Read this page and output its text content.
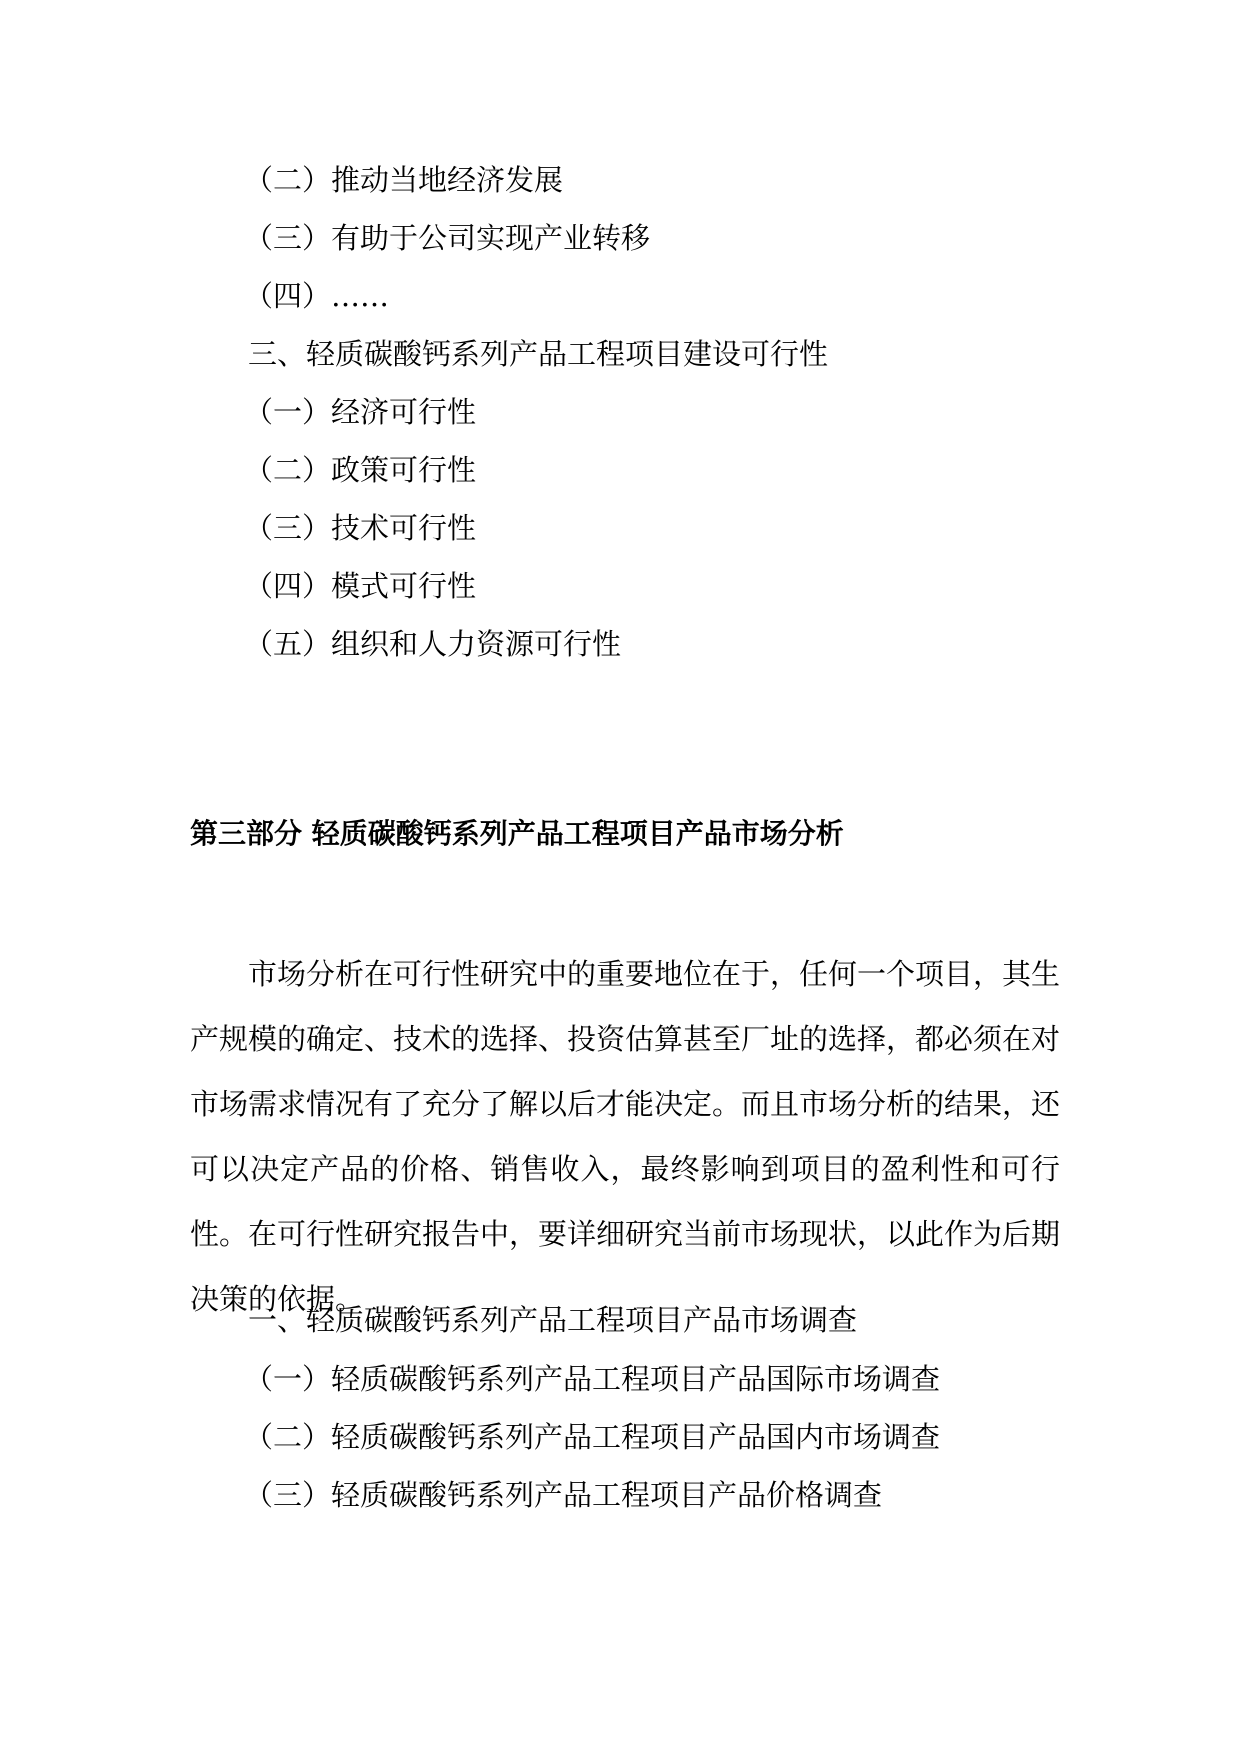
（二）推动当地经济发展
（三）有助于公司实现产业转移
（四）……
三、轻质碳酸钙系列产品工程项目建设可行性
（一）经济可行性
（二）政策可行性
（三）技术可行性
（四）模式可行性
（五）组织和人力资源可行性
第三部分 轻质碳酸钙系列产品工程项目产品市场分析

市场分析在可行性研究中的重要地位在于，任何一个项目，其生产规模的确定、技术的选择、投资估算甚至厂址的选择，都必须在对市场需求情况有了充分了解以后才能决定。而且市场分析的结果，还可以决定产品的价格、销售收入，最终影响到项目的盈利性和可行性。在可行性研究报告中，要详细研究当前市场现状，以此作为后期决策的依据。

一、轻质碳酸钙系列产品工程项目产品市场调查
（一）轻质碳酸钙系列产品工程项目产品国际市场调查
（二）轻质碳酸钙系列产品工程项目产品国内市场调查
（三）轻质碳酸钙系列产品工程项目产品价格调查
